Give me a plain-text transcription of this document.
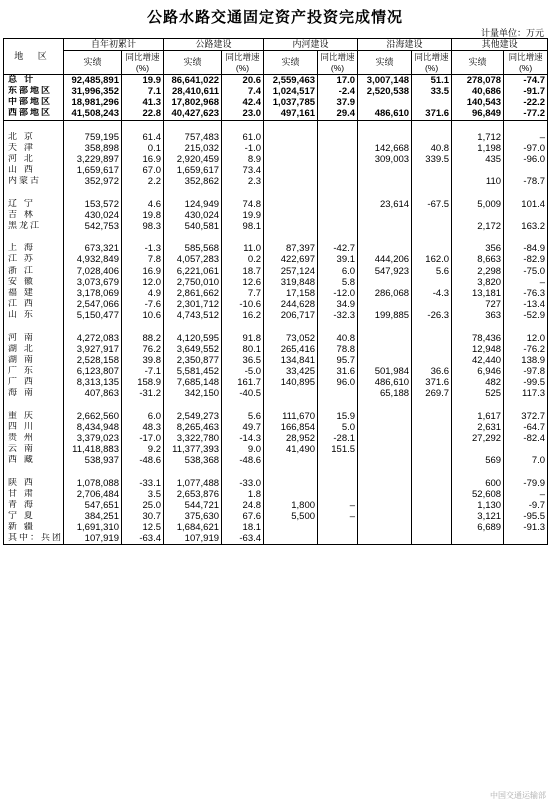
公路水路交通固定资产投资完成情况
计量单位：万元
地 区	自年初累计		公路建设		内河建设		沿海建设		其他建设	
	实绩	同比增速(%)	实绩	同比增速(%)	实绩	同比增速(%)	实绩	同比增速(%)	实绩	同比增速(%)
总 计	92,485,891	19.9	86,641,022	20.6	2,559,463	17.0	3,007,148	51.1	278,078	-74.7
东部地区	31,996,352	7.1	28,410,611	7.4	1,024,517	-2.4	2,520,538	33.5	40,686	-91.7
中部地区	18,981,296	41.3	17,802,968	42.4	1,037,785	37.9			140,543	-22.2
西部地区	41,508,243	22.8	40,427,623	23.0	497,161	29.4	486,610	371.6	96,849	-77.2

北 京	759,195	61.4	757,483	61.0					1,712	–
天 津	358,898	0.1	215,032	-1.0			142,668	40.8	1,198	-97.0
河 北	3,229,897	16.9	2,920,459	8.9			309,003	339.5	435	-96.0
山 西	1,659,617	67.0	1,659,617	73.4						
内蒙古	352,972	2.2	352,862	2.3					110	-78.7

辽 宁	153,572	4.6	124,949	74.8			23,614	-67.5	5,009	101.4
吉 林	430,024	19.8	430,024	19.9						
黑龙江	542,753	98.3	540,581	98.1					2,172	163.2

上 海	673,321	-1.3	585,568	11.0	87,397	-42.7			356	-84.9
江 苏	4,932,849	7.8	4,057,283	0.2	422,697	39.1	444,206	162.0	8,663	-82.9
浙 江	7,028,406	16.9	6,221,061	18.7	257,124	6.0	547,923	5.6	2,298	-75.0
安 徽	3,073,679	12.0	2,750,010	12.6	319,848	5.8			3,820	–
福 建	3,178,069	4.9	2,861,662	7.7	17,158	-12.0	286,068	-4.3	13,181	-76.3
江 西	2,547,066	-7.6	2,301,712	-10.6	244,628	34.9			727	-13.4
山 东	5,150,477	10.6	4,743,512	16.2	206,717	-32.3	199,885	-26.3	363	-52.9

河 南	4,272,083	88.2	4,120,595	91.8	73,052	40.8			78,436	12.0
湖 北	3,927,917	76.2	3,649,552	80.1	265,416	78.8			12,948	-76.2
湖 南	2,528,158	39.8	2,350,877	36.5	134,841	95.7			42,440	138.9
广 东	6,123,807	-7.1	5,581,452	-5.0	33,425	31.6	501,984	36.6	6,946	-97.8
广 西	8,313,135	158.9	7,685,148	161.7	140,895	96.0	486,610	371.6	482	-99.5
海 南	407,863	-31.2	342,150	-40.5			65,188	269.7	525	117.3

重 庆	2,662,560	6.0	2,549,273	5.6	111,670	15.9			1,617	372.7
四 川	8,434,948	48.3	8,265,463	49.7	166,854	5.0			2,631	-64.7
贵 州	3,379,023	-17.0	3,322,780	-14.3	28,952	-28.1			27,292	-82.4
云 南	11,418,883	9.2	11,377,393	9.0	41,490	151.5				
西 藏	538,937	-48.6	538,368	-48.6					569	7.0

陕 西	1,078,088	-33.1	1,077,488	-33.0					600	-79.9
甘 肃	2,706,484	3.5	2,653,876	1.8					52,608	–
青 海	547,651	25.0	544,721	24.8	1,800	–			1,130	-9.7
宁 夏	384,251	30.7	375,630	67.6	5,500	–			3,121	-95.5
新 疆	1,691,310	12.5	1,684,621	18.1					6,689	-91.3
其中：兵团	107,919	-63.4	107,919	-63.4						
中国交通运输部
